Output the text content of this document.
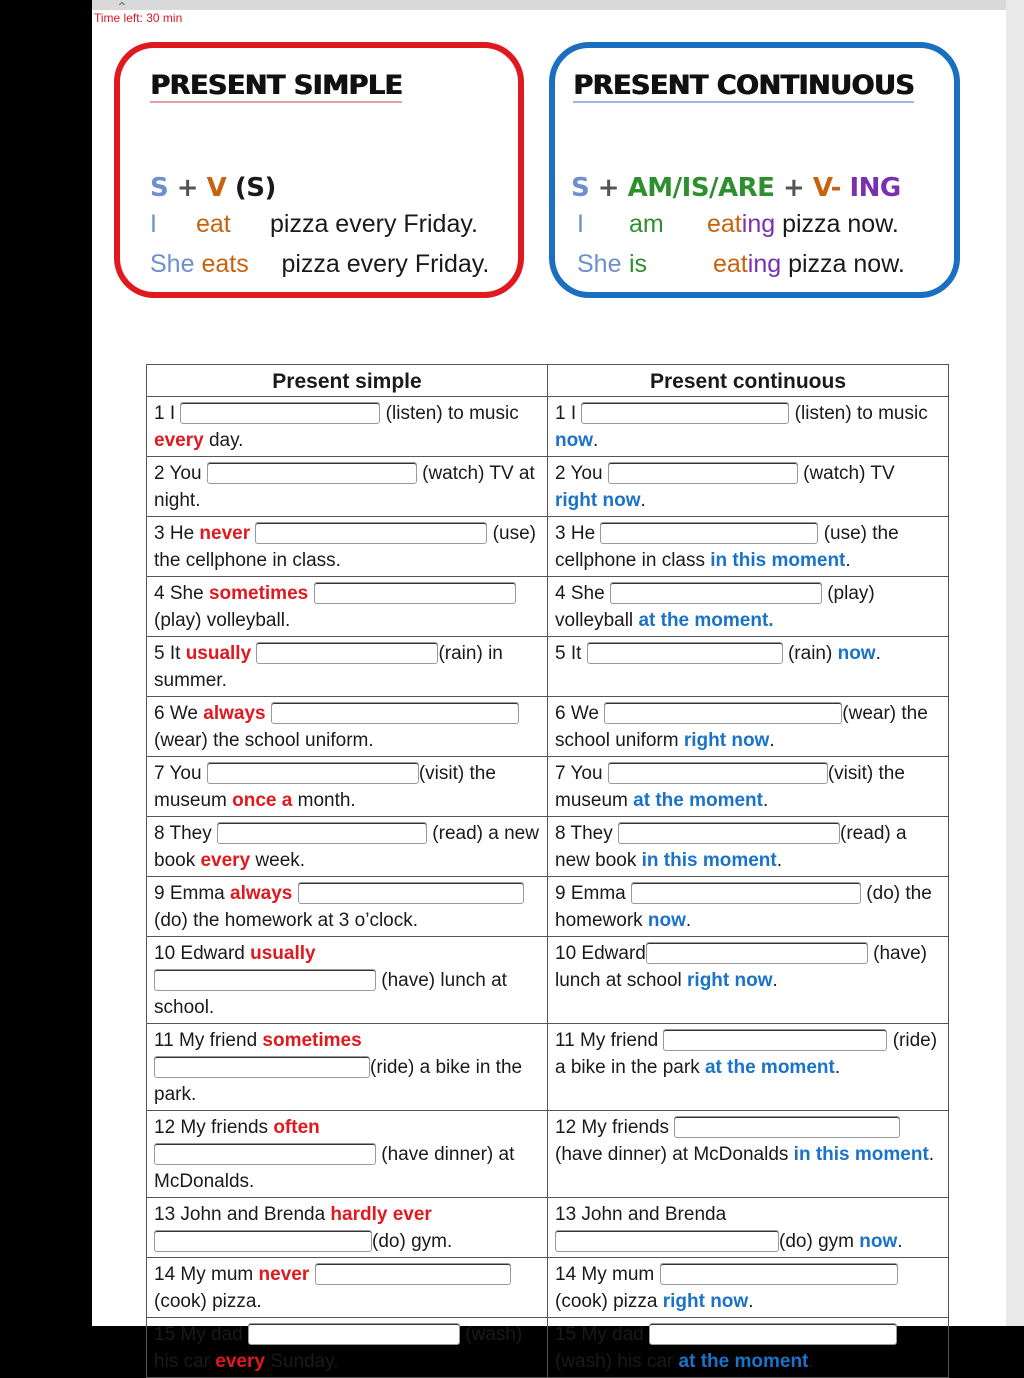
⌃
Time left: 30 min
PRESENT SIMPLE
S + V (S)
I eat pizza every Friday.
She eats pizza every Friday.
PRESENT CONTINUOUS
S + AM/IS/ARE + V- ING
I am eating pizza now.
She is	eating pizza now.
Present simple	Present continuous
1 I (listen) to music every day.	1 I (listen) to music now.
2 You (watch) TV at night.	2 You (watch) TV right now.
3 He never (use) the cellphone in class.	3 He (use) the cellphone in class in this moment.
4 She sometimes  (play) volleyball.	4 She (play) volleyball at the moment.
5 It usually (rain) in summer.	5 It (rain) now.
6 We always  (wear) the school uniform.	6 We (wear) the school uniform right now.
7 You (visit) the museum once a month.	7 You (visit) the museum at the moment.
8 They (read) a new book every week.	8 They (read) a new book in this moment.
9 Emma always  (do) the homework at 3 o’clock.	9 Emma (do) the homework now.
10 Edward usually  (have) lunch at school.	10 Edward (have) lunch at school right now.
11 My friend sometimes (ride) a bike in the park.	11 My friend (ride) a bike in the park at the moment.
12 My friends often  (have dinner) at McDonalds.	12 My friends  (have dinner) at McDonalds in this moment.
13 John and Brenda hardly ever (do) gym.	13 John and Brenda (do) gym now.
14 My mum never  (cook) pizza.	14 My mum  (cook) pizza right now.
15 My dad (wash) his car every Sunday.	15 My dad  (wash) his car at the moment.
